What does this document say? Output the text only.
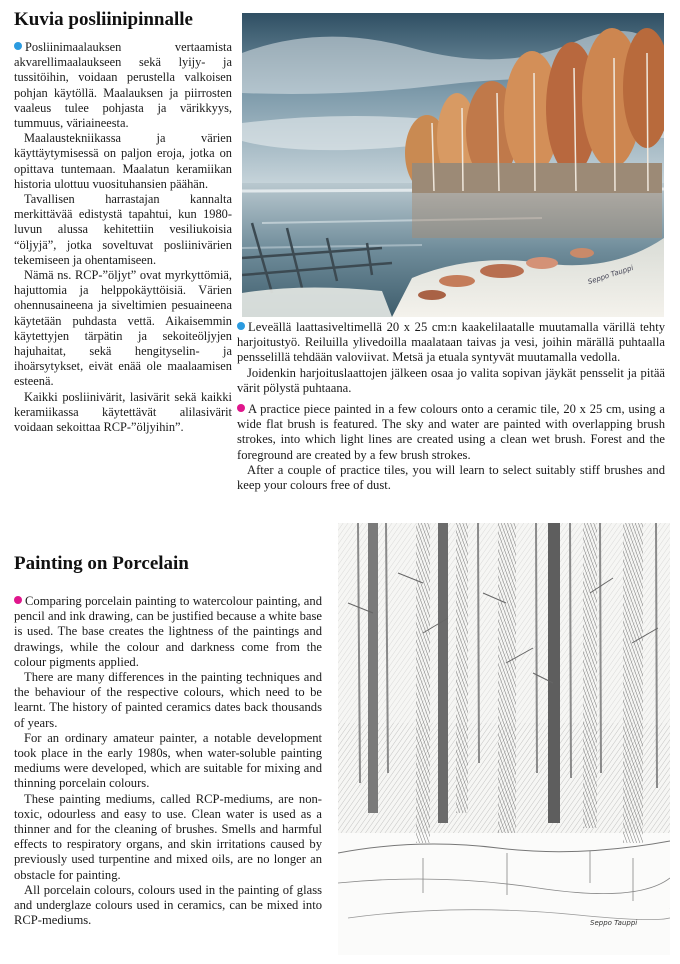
Kuvia posliinipinnalle

Posliinimaalauksen vertaamista akvarellimaalaukseen sekä lyijy- ja tussitöihin, voidaan perustella valkoisen pohjan käytöllä. Maalauksen ja piirrosten vaaleus tulee pohjasta ja värikkyys, tummuus, väriaineesta.

Maalaustekniikassa ja värien käyttäytymisessä on paljon eroja, jotka on opittava tuntemaan. Maalatun keramiikan historia ulottuu vuosituhansien päähän.

Tavallisen harrastajan kannalta merkittävää edistystä tapahtui, kun 1980-luvun alussa kehitettiin vesiliukoisia “öljyjä”, jotka soveltuvat posliinivärien tekemiseen ja ohentamiseen.

Nämä ns. RCP-”öljyt” ovat myrkyttömiä, hajuttomia ja helppokäyttöisiä. Värien ohennusaineena ja siveltimien pesuaineena käytetään puhdasta vettä. Aikaisemmin käytettyjen tärpätin ja sekoiteöljyjen hajuhaitat, sekä hengityselin- ja ihoärsytykset, eivät enää ole maalaamisen esteenä.

Kaikki posliinivärit, lasivärit sekä kaikki keramiikassa käytettävät alilasivärit voidaan sekoittaa RCP-”öljyihin”.

Seppo Tauppi

Leveällä laattasiveltimellä 20 x 25 cm:n kaakelilaatalle muutamalla värillä tehty harjoitustyö. Reiluilla ylivedoilla maalataan taivas ja vesi, joihin märällä puhtaalla pensselillä tehdään valoviivat. Metsä ja etuala syntyvät muutamalla vedolla.

Joidenkin harjoituslaattojen jälkeen osaa jo valita sopivan jäykät pensselit ja pitää värit pölystä puhtaana.

A practice piece painted in a few colours onto a ceramic tile, 20 x 25 cm, using a wide flat brush is featured. The sky and water are painted with overlapping brush strokes, into which light lines are created using a clean wet brush. Forest and the foreground are created by a few brush strokes.

After a couple of practice tiles, you will learn to select suitably stiff brushes and keep your colours free of dust.

Painting on Porcelain

Comparing porcelain painting to watercolour painting, and pencil and ink drawing, can be justified because a white base is used. The base creates the lightness of the paintings and drawings, while the colour and darkness come from the colour pigments applied.

There are many differences in the painting techniques and the behaviour of the respective colours, which need to be learnt. The history of painted ceramics dates back thousands of years.

For an ordinary amateur painter, a notable development took place in the early 1980s, when water-soluble painting mediums were developed, which are suitable for mixing and thinning porcelain colours.

These painting mediums, called RCP-mediums, are non-toxic, odourless and easy to use. Clean water is used as a thinner and for the cleaning of brushes. Smells and harmful effects to respiratory organs, and skin irritations caused by previously used turpentine and mixed oils, are no longer an obstacle for painting.

All porcelain colours, colours used in the painting of glass and underglaze colours used in ceramics, can be mixed into RCP-mediums.	Seppo Tauppi
